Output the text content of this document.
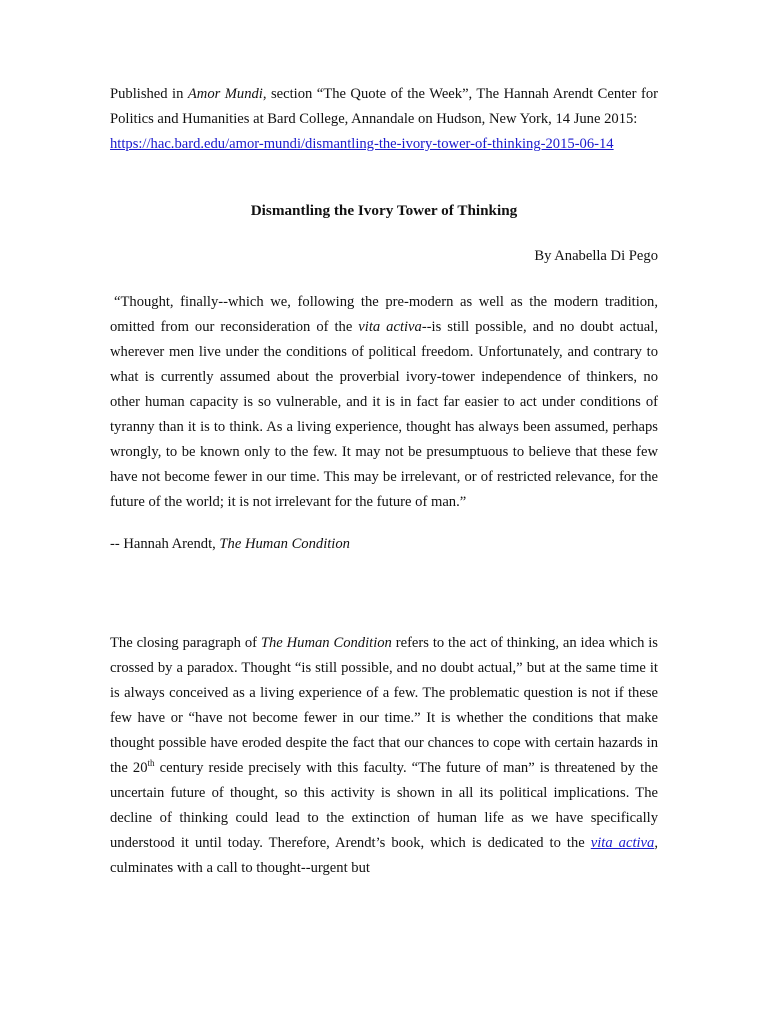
Published in Amor Mundi, section “The Quote of the Week”, The Hannah Arendt Center for Politics and Humanities at Bard College, Annandale on Hudson, New York, 14 June 2015:
https://hac.bard.edu/amor-mundi/dismantling-the-ivory-tower-of-thinking-2015-06-14

Dismantling the Ivory Tower of Thinking

By Anabella Di Pego

“Thought, finally--which we, following the pre-modern as well as the modern tradition, omitted from our reconsideration of the vita activa--is still possible, and no doubt actual, wherever men live under the conditions of political freedom. Unfortunately, and contrary to what is currently assumed about the proverbial ivory-tower independence of thinkers, no other human capacity is so vulnerable, and it is in fact far easier to act under conditions of tyranny than it is to think. As a living experience, thought has always been assumed, perhaps wrongly, to be known only to the few. It may not be presumptuous to believe that these few have not become fewer in our time. This may be irrelevant, or of restricted relevance, for the future of the world; it is not irrelevant for the future of man.”

-- Hannah Arendt, The Human Condition

The closing paragraph of The Human Condition refers to the act of thinking, an idea which is crossed by a paradox. Thought “is still possible, and no doubt actual,” but at the same time it is always conceived as a living experience of a few. The problematic question is not if these few have or “have not become fewer in our time.” It is whether the conditions that make thought possible have eroded despite the fact that our chances to cope with certain hazards in the 20th century reside precisely with this faculty. “The future of man” is threatened by the uncertain future of thought, so this activity is shown in all its political implications. The decline of thinking could lead to the extinction of human life as we have specifically understood it until today. Therefore, Arendt’s book, which is dedicated to the vita activa, culminates with a call to thought--urgent but
